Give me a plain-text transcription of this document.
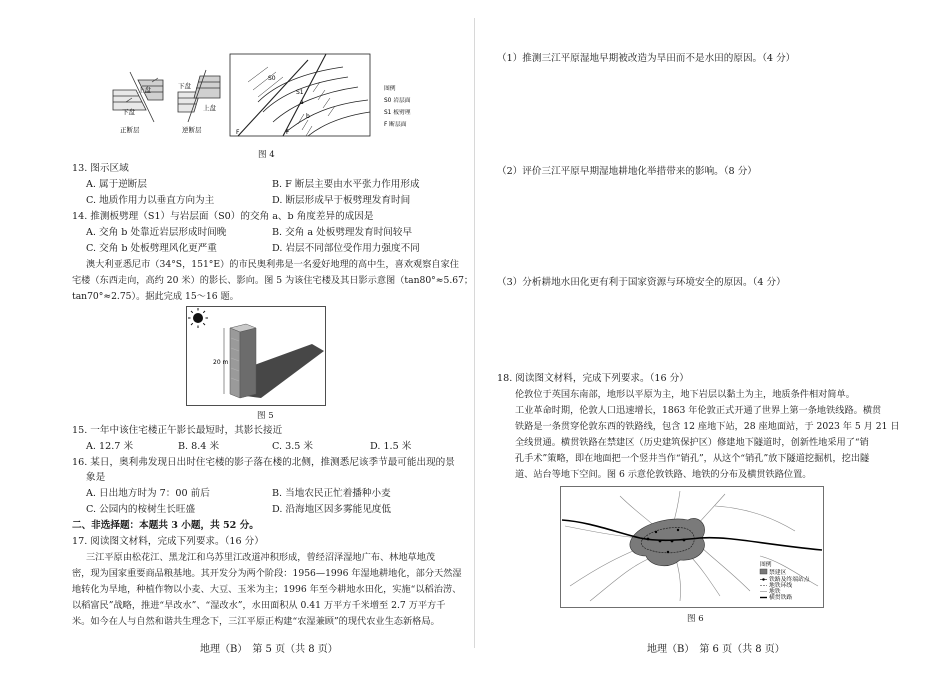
上盘
下盘
正断层
下盘
上盘
逆断层
S0
S1
a
b
F	F
图例
S0 岩层面
S1 板劈理
F 断层面
图 4
13. 图示区域
A. 属于逆断层	B. F 断层主要由水平张力作用形成
C. 地质作用力以垂直方向为主	D. 断层形成早于板劈理发育时间
14. 推测板劈理（S1）与岩层面（S0）的交角 a、b 角度差异的成因是
A. 交角 b 处靠近岩层形成时间晚	B. 交角 a 处板劈理发育时间较早
C. 交角 b 处板劈理风化更严重	D. 岩层不同部位受作用力强度不同
澳大利亚悉尼市（34°S，151°E）的市民奥利弗是一名爱好地理的高中生，喜欢观察自家住
宅楼（东西走向，高约 20 米）的影长、影向。图 5 为该住宅楼及其日影示意图（tan80°≈5.67；
tan70°≈2.75）。据此完成 15～16 题。
20 m
图 5
15. 一年中该住宅楼正午影长最短时，其影长接近
A. 12.7 米	B. 8.4 米	C. 3.5 米	D. 1.5 米
16. 某日，奥利弗发现日出时住宅楼的影子落在楼的北侧，推测悉尼该季节最可能出现的景
象是
A. 日出地方时为 7：00 前后	B. 当地农民正忙着播种小麦
C. 公园内的桉树生长旺盛	D. 沿海地区因多雾能见度低
二、非选择题：本题共 3 小题，共 52 分。
17. 阅读图文材料，完成下列要求。（16 分）
三江平原由松花江、黑龙江和乌苏里江改道冲积形成，曾经沼泽湿地广布、林地草地茂
密，现为国家重要商品粮基地。其开发分为两个阶段：1956—1996 年湿地耕地化，部分天然湿
地转化为旱地，种植作物以小麦、大豆、玉米为主；1996 年至今耕地水田化，实施“以稻治涝、
以稻富民”战略，推进“旱改水”、“湿改水”，水田面积从 0.41 万平方千米增至 2.7 万平方千
米。如今在人与自然和谐共生理念下，三江平原正构建“农湿兼顾”的现代农业生态新格局。
地理（B）　第 5 页（共 8 页）
（1）推测三江平原湿地早期被改造为旱田而不是水田的原因。（4 分）
（2）评价三江平原早期湿地耕地化举措带来的影响。（8 分）
（3）分析耕地水田化更有利于国家资源与环境安全的原因。（4 分）
18. 阅读图文材料，完成下列要求。（16 分）
伦敦位于英国东南部，地形以平原为主，地下岩层以黏土为主，地质条件相对简单。
工业革命时期，伦敦人口迅速增长，1863 年伦敦正式开通了世界上第一条地铁线路。横贯
铁路是一条贯穿伦敦东西的铁路线，包含 12 座地下站，28 座地面站，于 2023 年 5 月 21 日
全线贯通。横贯铁路在禁建区（历史建筑保护区）修建地下隧道时，创新性地采用了“销
孔手术”策略，即在地面把一个竖井当作“销孔”，从这个“销孔”放下隧道挖掘机，挖出隧
道、站台等地下空间。图 6 示意伦敦铁路、地铁的分布及横贯铁路位置。
图例
禁建区
铁路及终端站点
地铁环线
地铁
横贯铁路
图 6
地理（B）　第 6 页（共 8 页）
